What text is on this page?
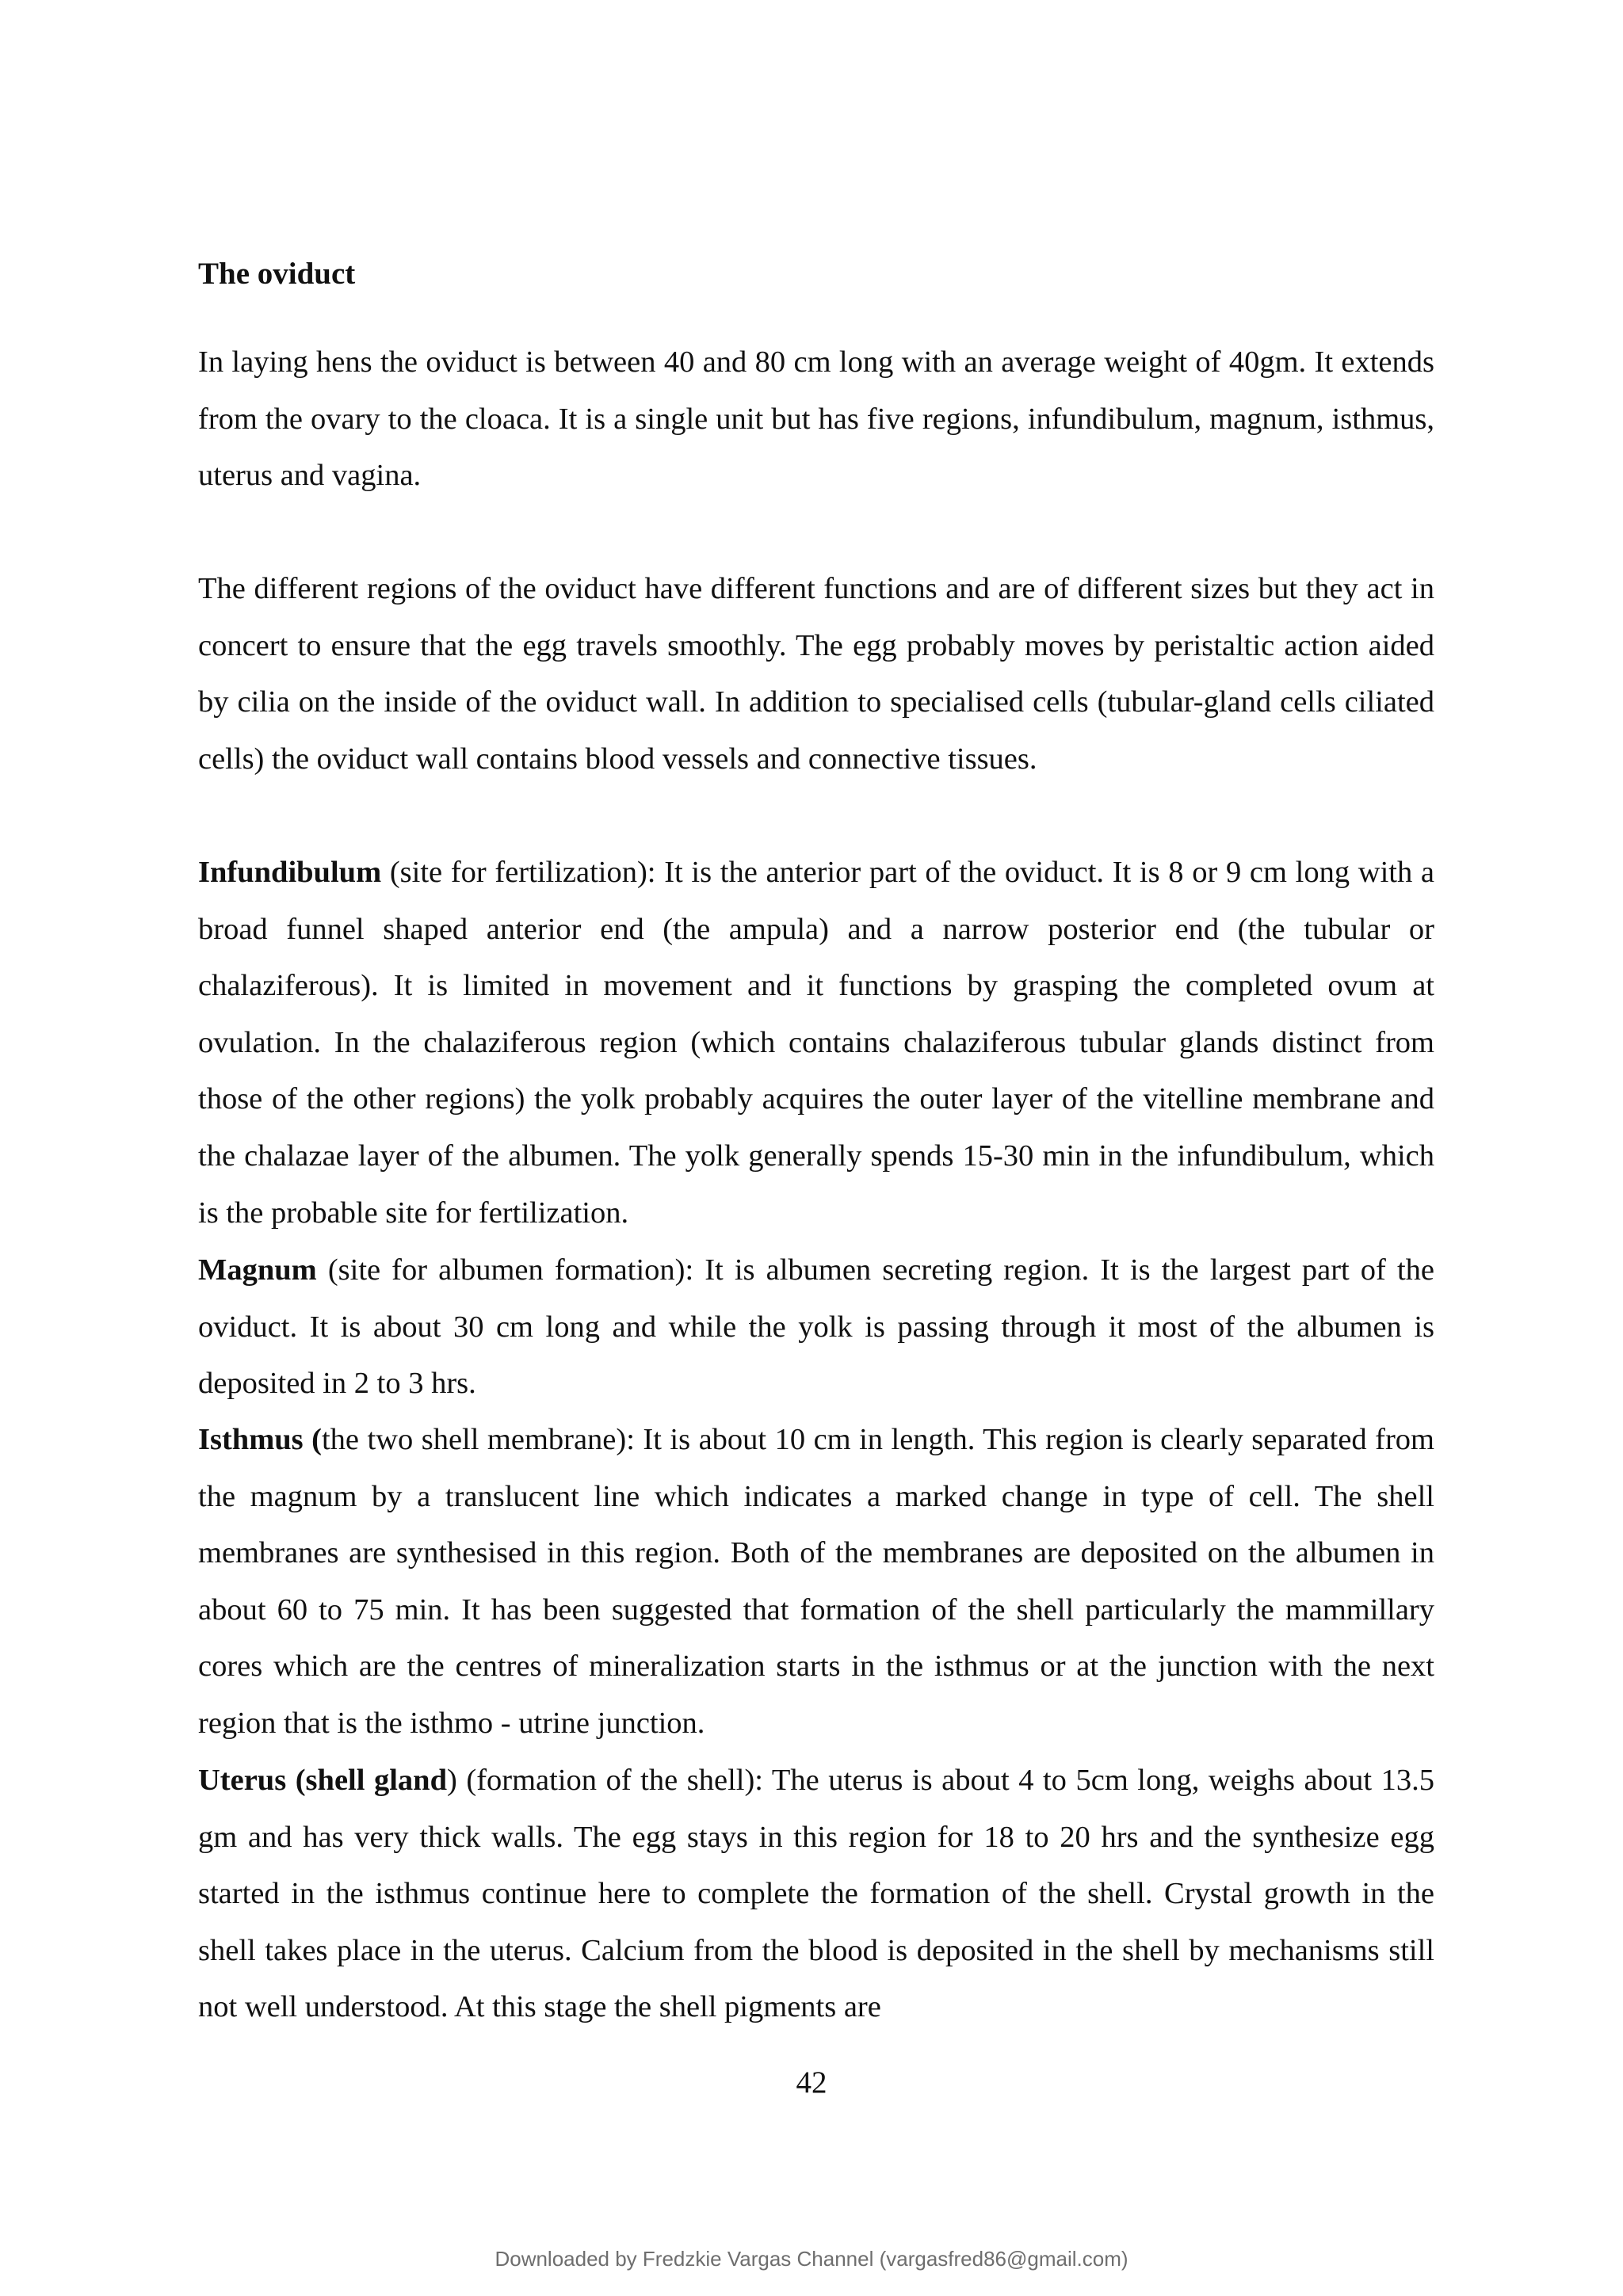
The oviduct

In laying hens the oviduct is between 40 and 80 cm long with an average weight of 40gm. It extends from the ovary to the cloaca. It is a single unit but has five regions, infundibulum, magnum, isthmus, uterus and vagina.

The different regions of the oviduct have different functions and are of different sizes but they act in concert to ensure that the egg travels smoothly. The egg probably moves by peristaltic action aided by cilia on the inside of the oviduct wall. In addition to specialised cells (tubular-gland cells ciliated cells) the oviduct wall contains blood vessels and connective tissues.

Infundibulum (site for fertilization): It is the anterior part of the oviduct. It is 8 or 9 cm long with a broad funnel shaped anterior end (the ampula) and a narrow posterior end (the tubular or chalaziferous). It is limited in movement and it functions by grasping the completed ovum at ovulation. In the chalaziferous region (which contains chalaziferous tubular glands distinct from those of the other regions) the yolk probably acquires the outer layer of the vitelline membrane and the chalazae layer of the albumen. The yolk generally spends 15-30 min in the infundibulum, which is the probable site for fertilization.

Magnum (site for albumen formation): It is albumen secreting region. It is the largest part of the oviduct. It is about 30 cm long and while the yolk is passing through it most of the albumen is deposited in 2 to 3 hrs.

Isthmus (the two shell membrane): It is about 10 cm in length. This region is clearly separated from the magnum by a translucent line which indicates a marked change in type of cell. The shell membranes are synthesised in this region. Both of the membranes are deposited on the albumen in about 60 to 75 min. It has been suggested that formation of the shell particularly the mammillary cores which are the centres of mineralization starts in the isthmus or at the junction with the next region that is the isthmo - utrine junction.

Uterus (shell gland) (formation of the shell): The uterus is about 4 to 5cm long, weighs about 13.5 gm and has very thick walls. The egg stays in this region for 18 to 20 hrs and the synthesize egg started in the isthmus continue here to complete the formation of the shell. Crystal growth in the shell takes place in the uterus. Calcium from the blood is deposited in the shell by mechanisms still not well understood. At this stage the shell pigments are

42

Downloaded by Fredzkie Vargas Channel (vargasfred86@gmail.com)
